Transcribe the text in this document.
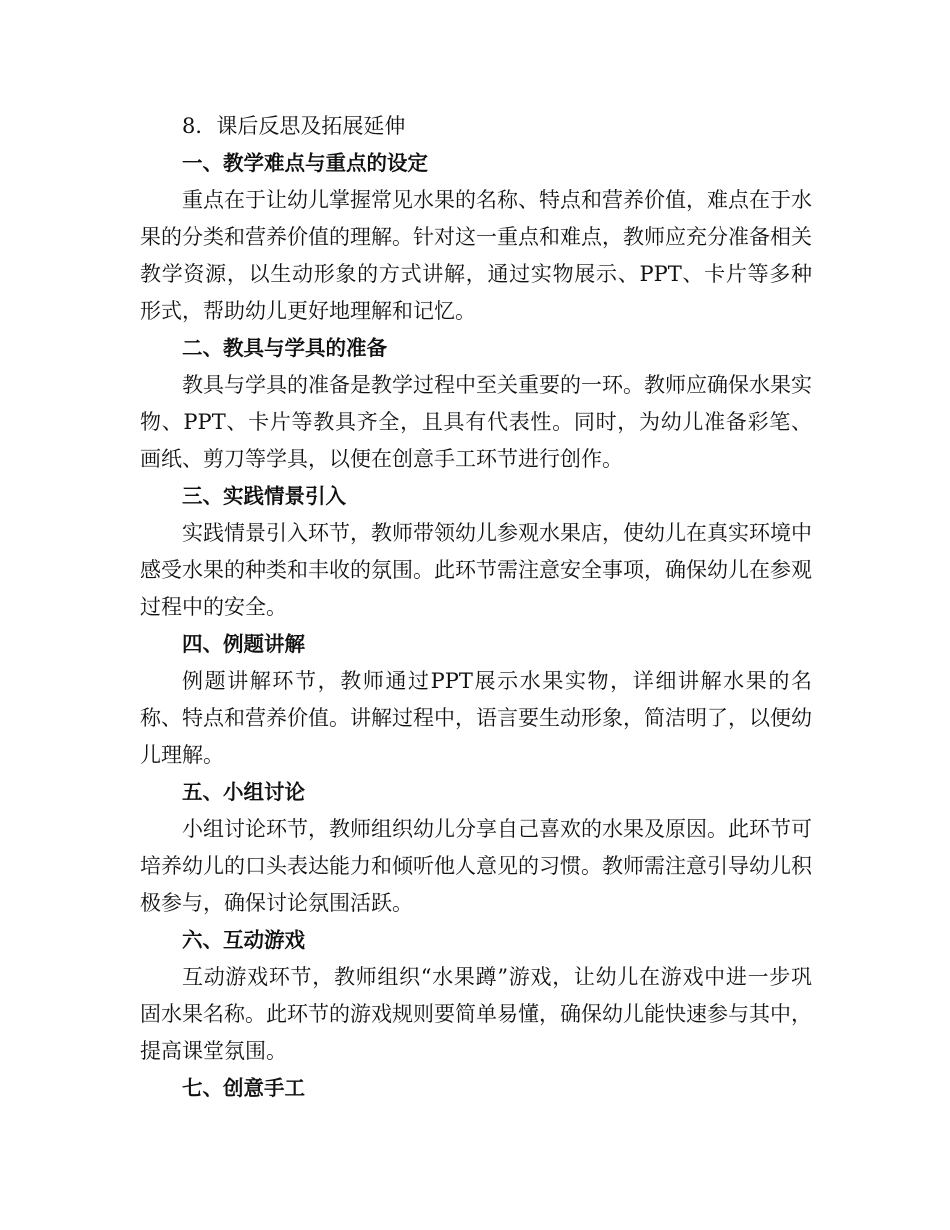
8．课后反思及拓展延伸

一、教学难点与重点的设定

重点在于让幼儿掌握常见水果的名称、特点和营养价值，难点在于水果的分类和营养价值的理解。针对这一重点和难点，教师应充分准备相关教学资源，以生动形象的方式讲解，通过实物展示、PPT、卡片等多种形式，帮助幼儿更好地理解和记忆。

二、教具与学具的准备

教具与学具的准备是教学过程中至关重要的一环。教师应确保水果实物、PPT、卡片等教具齐全，且具有代表性。同时，为幼儿准备彩笔、画纸、剪刀等学具，以便在创意手工环节进行创作。

三、实践情景引入

实践情景引入环节，教师带领幼儿参观水果店，使幼儿在真实环境中感受水果的种类和丰收的氛围。此环节需注意安全事项，确保幼儿在参观过程中的安全。

四、例题讲解

例题讲解环节，教师通过PPT展示水果实物，详细讲解水果的名称、特点和营养价值。讲解过程中，语言要生动形象，简洁明了，以便幼儿理解。

五、小组讨论

小组讨论环节，教师组织幼儿分享自己喜欢的水果及原因。此环节可培养幼儿的口头表达能力和倾听他人意见的习惯。教师需注意引导幼儿积极参与，确保讨论氛围活跃。

六、互动游戏

互动游戏环节，教师组织“水果蹲”游戏，让幼儿在游戏中进一步巩固水果名称。此环节的游戏规则要简单易懂，确保幼儿能快速参与其中，提高课堂氛围。

七、创意手工
